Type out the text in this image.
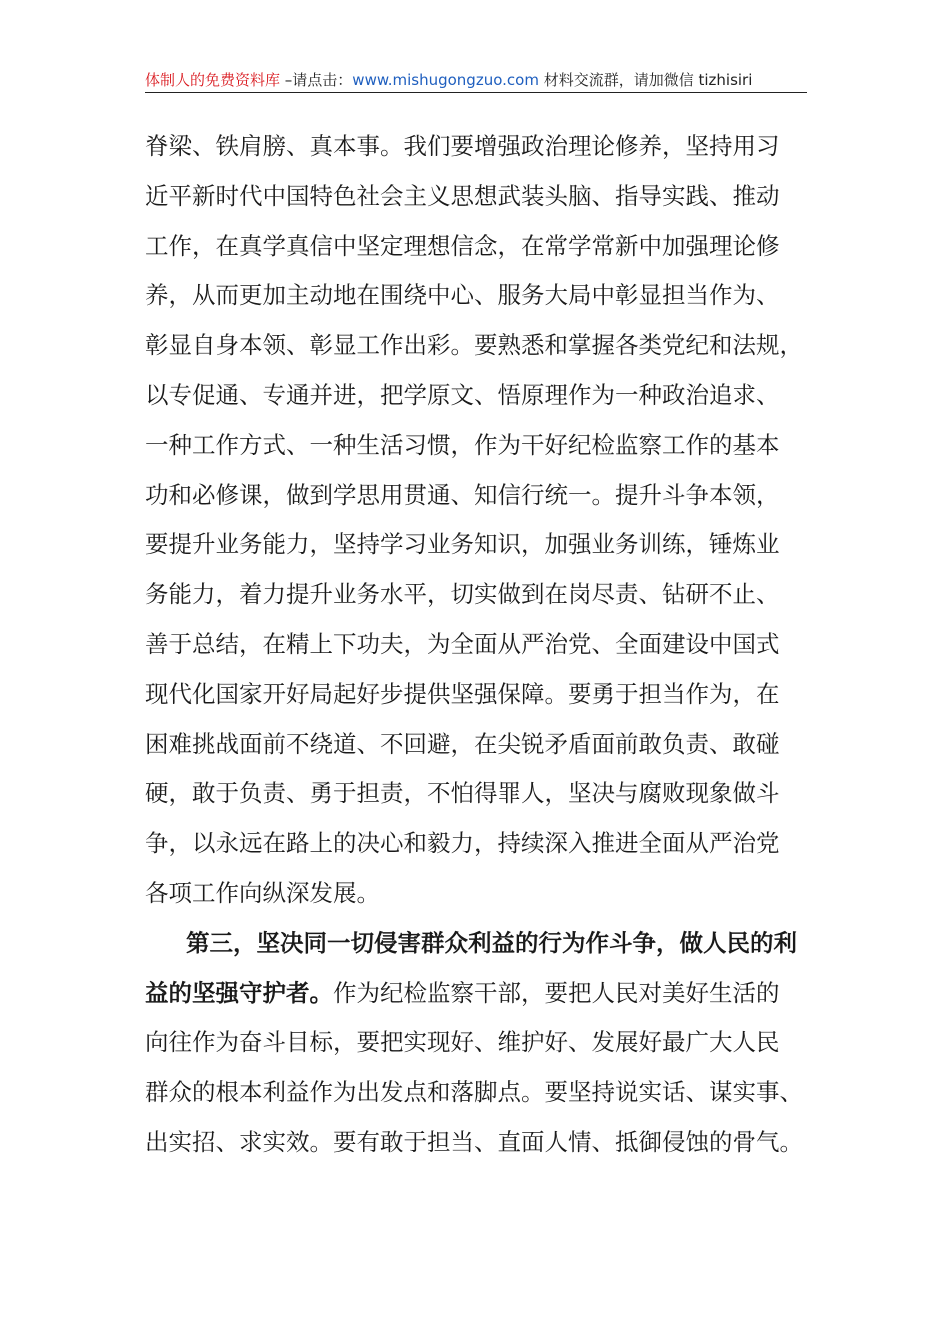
体制人的免费资料库 –请点击：www.mishugongzuo.com 材料交流群，请加微信 tizhisiri
脊梁、铁肩膀、真本事。我们要增强政治理论修养，坚持用习
近平新时代中国特色社会主义思想武装头脑、指导实践、推动
工作，在真学真信中坚定理想信念，在常学常新中加强理论修
养，从而更加主动地在围绕中心、服务大局中彰显担当作为、
彰显自身本领、彰显工作出彩。要熟悉和掌握各类党纪和法规，
以专促通、专通并进，把学原文、悟原理作为一种政治追求、
一种工作方式、一种生活习惯，作为干好纪检监察工作的基本
功和必修课，做到学思用贯通、知信行统一。提升斗争本领，
要提升业务能力，坚持学习业务知识，加强业务训练，锤炼业
务能力，着力提升业务水平，切实做到在岗尽责、钻研不止、
善于总结，在精上下功夫，为全面从严治党、全面建设中国式
现代化国家开好局起好步提供坚强保障。要勇于担当作为，在
困难挑战面前不绕道、不回避，在尖锐矛盾面前敢负责、敢碰
硬，敢于负责、勇于担责，不怕得罪人，坚决与腐败现象做斗
争，以永远在路上的决心和毅力，持续深入推进全面从严治党
各项工作向纵深发展。
第三，坚决同一切侵害群众利益的行为作斗争，做人民的利
益的坚强守护者。作为纪检监察干部，要把人民对美好生活的
向往作为奋斗目标，要把实现好、维护好、发展好最广大人民
群众的根本利益作为出发点和落脚点。要坚持说实话、谋实事、
出实招、求实效。要有敢于担当、直面人情、抵御侵蚀的骨气。
